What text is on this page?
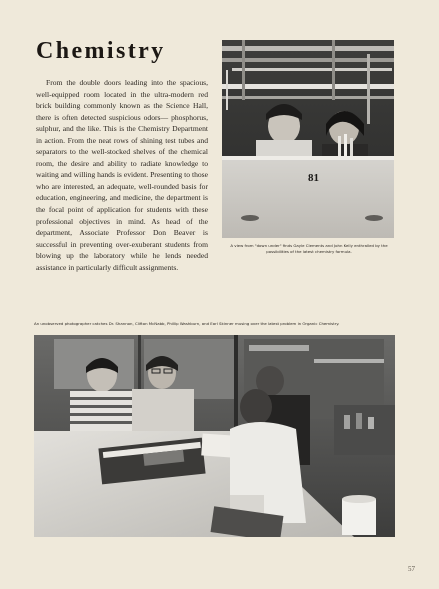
Chemistry

From the double doors leading into the spacious, well-equipped room located in the ultra-modern red brick building commonly known as the Science Hall, there is often detected suspicious odors— phosphorus, sulphur, and the like. This is the Chemistry Department in action. From the neat rows of shining test tubes and separators to the well-stocked shelves of the chemical room, the desire and ability to radiate knowledge to waiting and willing hands is evident. Presenting to those who are interested, an adequate, well-rounded basis for education, engineering, and medicine, the department is the focal point of application for students with these professional objectives in mind. As head of the department, Associate Professor Don Beaver is successful in preventing over-exuberant students from blowing up the laboratory while he lends needed assistance in particularly difficult assignments.

81
A view from "down under" finds Gayle Clements and John Kelly enthralled by the possibilities of the latest chemistry formula.
An unobserved photographer catches Dr. Shannon, Clifton McNabb, Phillip Washburn, and Earl Skinner musing over the latest problem in Organic Chemistry.
57
